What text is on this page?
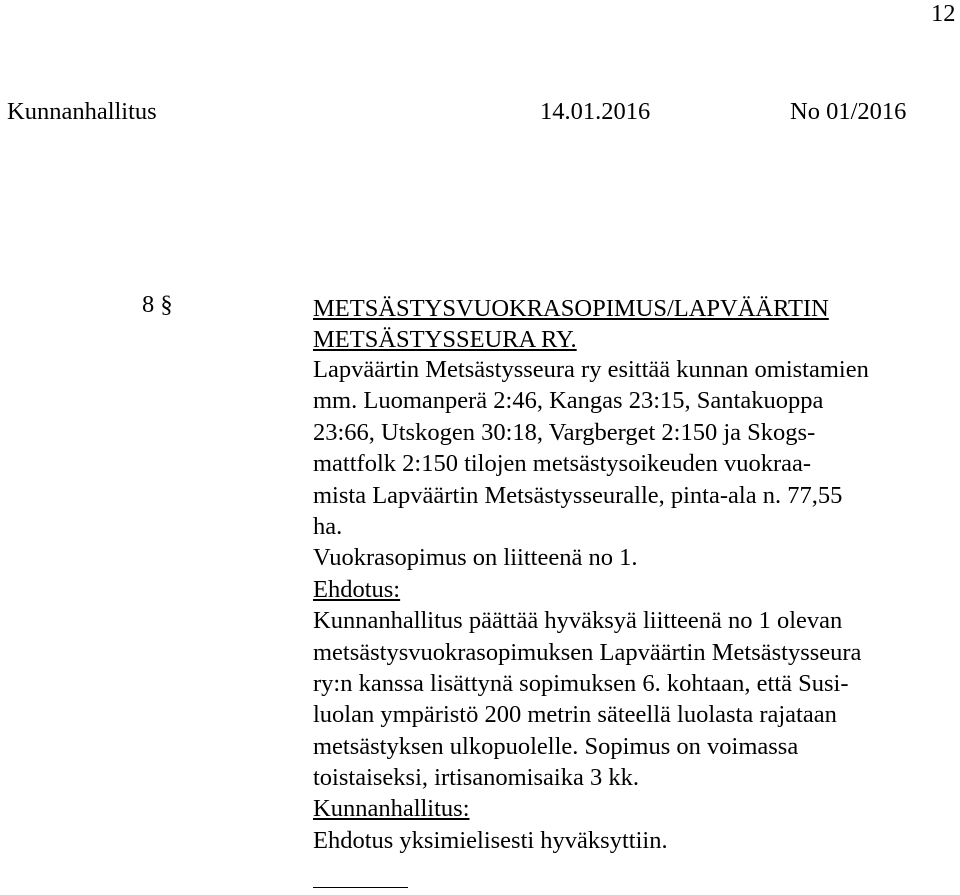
12
Kunnanhallitus	14.01.2016	No 01/2016
8 §	METSÄSTYSVUOKRASOPIMUS/LAPVÄÄRTIN
METSÄSTYSSEURA RY.
Lapväärtin Metsästysseura ry esittää kunnan omistamien
mm. Luomanperä 2:46, Kangas 23:15, Santakuoppa
23:66, Utskogen 30:18, Vargberget 2:150 ja Skogs-
mattfolk 2:150 tilojen metsästysoikeuden vuokraa-
mista Lapväärtin Metsästysseuralle, pinta-ala n. 77,55
ha.
Vuokrasopimus on liitteenä no 1.
Ehdotus:
Kunnanhallitus päättää hyväksyä liitteenä no 1 olevan
metsästysvuokrasopimuksen Lapväärtin Metsästysseura
ry:n kanssa lisättynä sopimuksen 6. kohtaan, että Susi-
luolan ympäristö 200 metrin säteellä luolasta rajataan
metsästyksen ulkopuolelle. Sopimus on voimassa
toistaiseksi, irtisanomisaika 3 kk.
Kunnanhallitus:
Ehdotus yksimielisesti hyväksyttiin.
